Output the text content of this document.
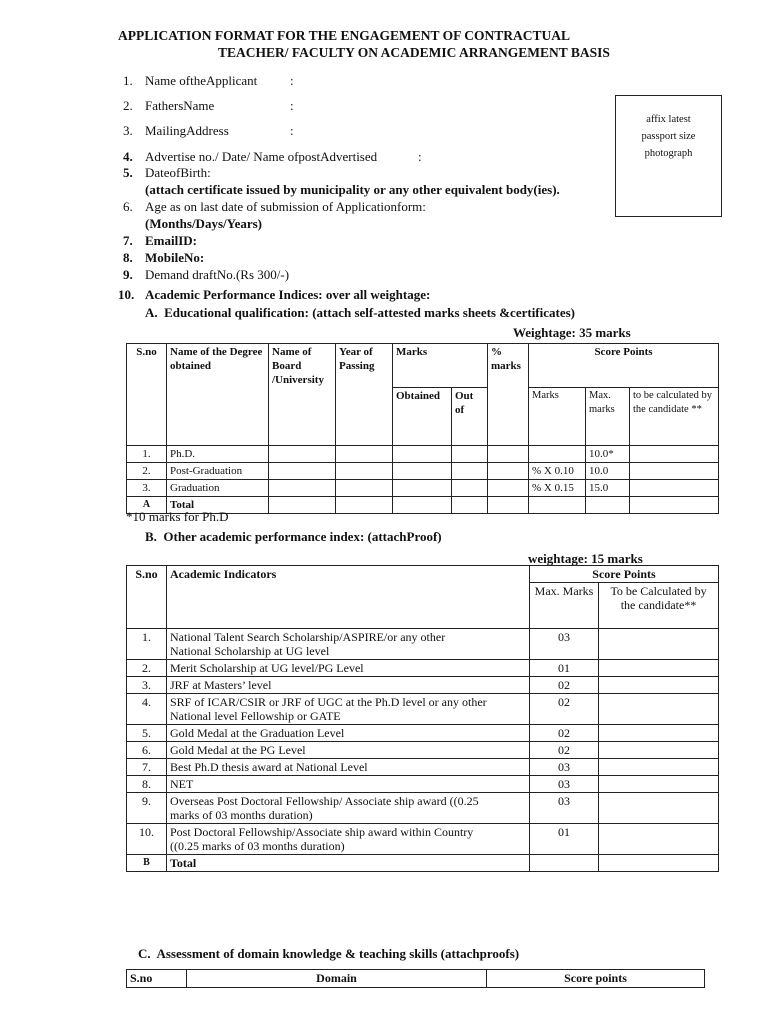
APPLICATION FORMAT FOR THE ENGAGEMENT OF CONTRACTUAL
TEACHER/ FACULTY ON ACADEMIC ARRANGEMENT BASIS
affix latest
passport size
photograph
1. Name oftheApplicant	:
2. FathersName	:
3. MailingAddress	:
4. Advertise no./ Date/ Name ofpostAdvertised	:
5. DateofBirth:
(attach certificate issued by municipality or any other equivalent body(ies).
6. Age as on last date of submission of Applicationform:
(Months/Days/Years)
7. EmailID:
8. MobileNo:
9. Demand draftNo.(Rs 300/-)
10. Academic Performance Indices: over all weightage:
A. Educational qualification: (attach self-attested marks sheets &certificates)
Weightage: 35 marks
S.no	Name of the Degree obtained	Name of Board /University	Year of Passing	Marks		% marks	Score Points		
				Obtained	Out of		Marks	Max. marks	to be calculated by the candidate **
1.	Ph.D.							10.0*	
2.	Post-Graduation						% X 0.10	10.0	
3.	Graduation						% X 0.15	15.0	
A	Total								
*10 marks for Ph.D
B. Other academic performance index: (attachProof)
weightage: 15 marks
S.no	Academic Indicators	Score Points	
		Max. Marks	To be Calculated by the candidate**
1.	National Talent Search Scholarship/ASPIRE/or any other National Scholarship at UG level	03	
2.	Merit Scholarship at UG level/PG Level	01	
3.	JRF at Masters’ level	02	
4.	SRF of ICAR/CSIR or JRF of UGC at the Ph.D level or any other National level Fellowship or GATE	02	
5.	Gold Medal at the Graduation Level	02	
6.	Gold Medal at the PG Level	02	
7.	Best Ph.D thesis award at National Level	03	
8.	NET	03	
9.	Overseas Post Doctoral Fellowship/ Associate ship award ((0.25 marks of 03 months duration)	03	
10.	Post Doctoral Fellowship/Associate ship award within Country ((0.25 marks of 03 months duration)	01	
B	Total		
C. Assessment of domain knowledge & teaching skills (attachproofs)
S.no	Domain	Score points
